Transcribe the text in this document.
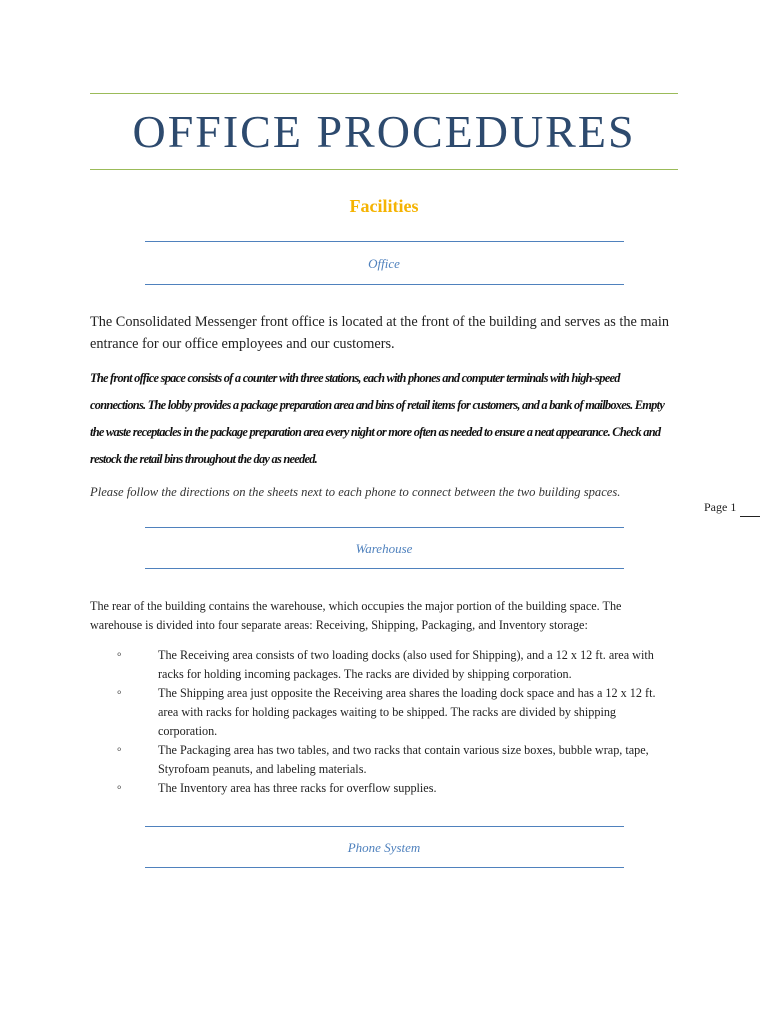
OFFICE PROCEDURES
Facilities
Office

The Consolidated Messenger front office is located at the front of the building and serves as the main entrance for our office employees and our customers.

The front office space consists of a counter with three stations, each with phones and computer terminals with high-speed connections. The lobby provides a package preparation area and bins of retail items for customers, and a bank of mailboxes. Empty the waste receptacles in the package preparation area every night or more often as needed to ensure a neat appearance. Check and restock the retail bins throughout the day as needed.

Please follow the directions on the sheets next to each phone to connect between the two building spaces.

Page 1
Warehouse

The rear of the building contains the warehouse, which occupies the major portion of the building space. The warehouse is divided into four separate areas: Receiving, Shipping, Packaging, and Inventory storage:

⚬	The Receiving area consists of two loading docks (also used for Shipping), and a 12 x 12 ft. area with racks for holding incoming packages. The racks are divided by shipping corporation.
⚬	The Shipping area just opposite the Receiving area shares the loading dock space and has a 12 x 12 ft. area with racks for holding packages waiting to be shipped. The racks are divided by shipping corporation.
⚬	The Packaging area has two tables, and two racks that contain various size boxes, bubble wrap, tape, Styrofoam peanuts, and labeling materials.
⚬	The Inventory area has three racks for overflow supplies.
Phone System
